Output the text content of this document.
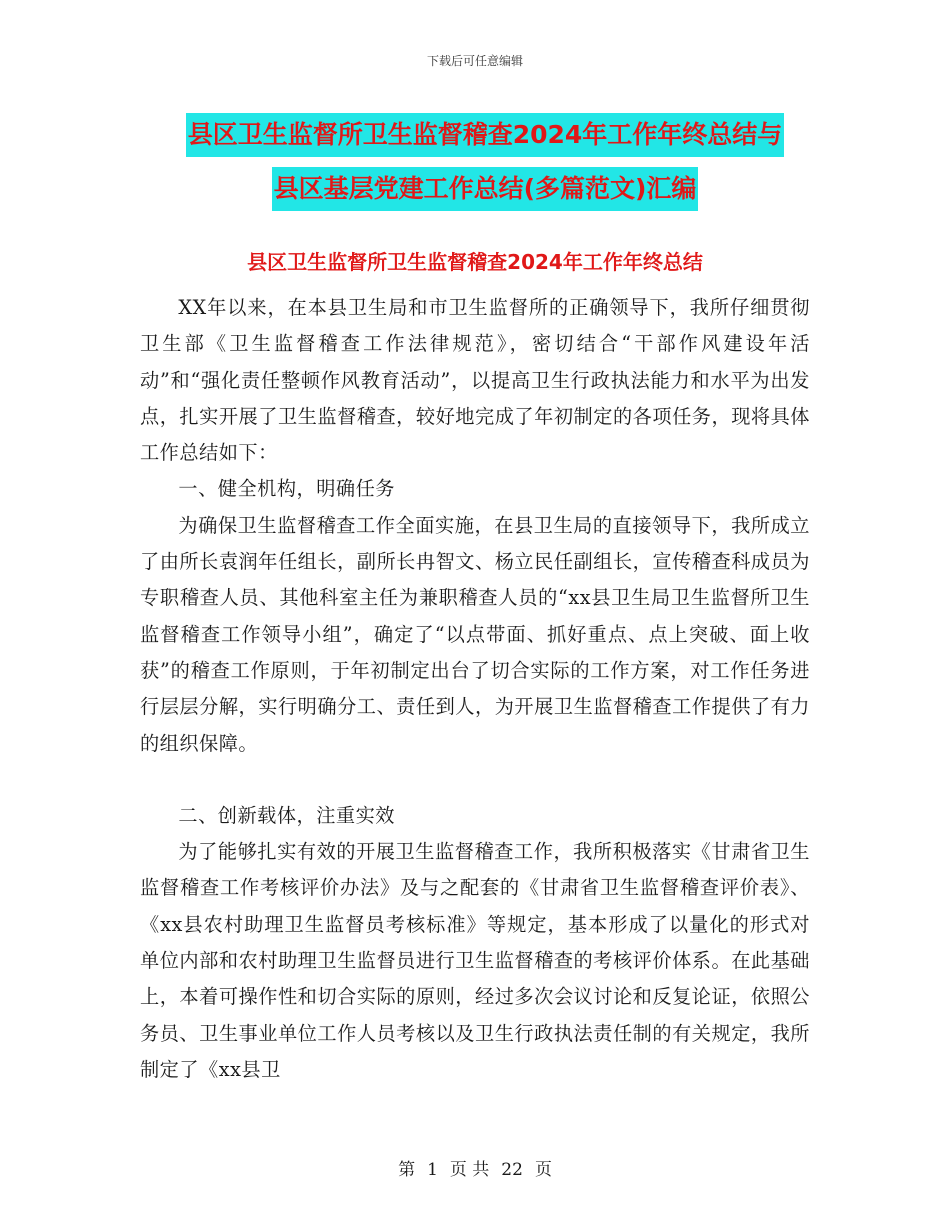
下载后可任意编辑
县区卫生监督所卫生监督稽查2024年工作年终总结与
县区基层党建工作总结(多篇范文)汇编
县区卫生监督所卫生监督稽查2024年工作年终总结

XX年以来，在本县卫生局和市卫生监督所的正确领导下，我所仔细贯彻卫生部《卫生监督稽查工作法律规范》，密切结合“干部作风建设年活动”和“强化责任整顿作风教育活动”，以提高卫生行政执法能力和水平为出发点，扎实开展了卫生监督稽查，较好地完成了年初制定的各项任务，现将具体工作总结如下：

一、健全机构，明确任务

为确保卫生监督稽查工作全面实施，在县卫生局的直接领导下，我所成立了由所长袁润年任组长，副所长冉智文、杨立民任副组长，宣传稽查科成员为专职稽查人员、其他科室主任为兼职稽查人员的“xx县卫生局卫生监督所卫生监督稽查工作领导小组”，确定了“以点带面、抓好重点、点上突破、面上收获”的稽查工作原则，于年初制定出台了切合实际的工作方案，对工作任务进行层层分解，实行明确分工、责任到人，为开展卫生监督稽查工作提供了有力的组织保障。

二、创新载体，注重实效

为了能够扎实有效的开展卫生监督稽查工作，我所积极落实《甘肃省卫生监督稽查工作考核评价办法》及与之配套的《甘肃省卫生监督稽查评价表》、《xx县农村助理卫生监督员考核标准》等规定，基本形成了以量化的形式对单位内部和农村助理卫生监督员进行卫生监督稽查的考核评价体系。在此基础上，本着可操作性和切合实际的原则，经过多次会议讨论和反复论证，依照公务员、卫生事业单位工作人员考核以及卫生行政执法责任制的有关规定，我所制定了《xx县卫

第 1 页 共 22 页
